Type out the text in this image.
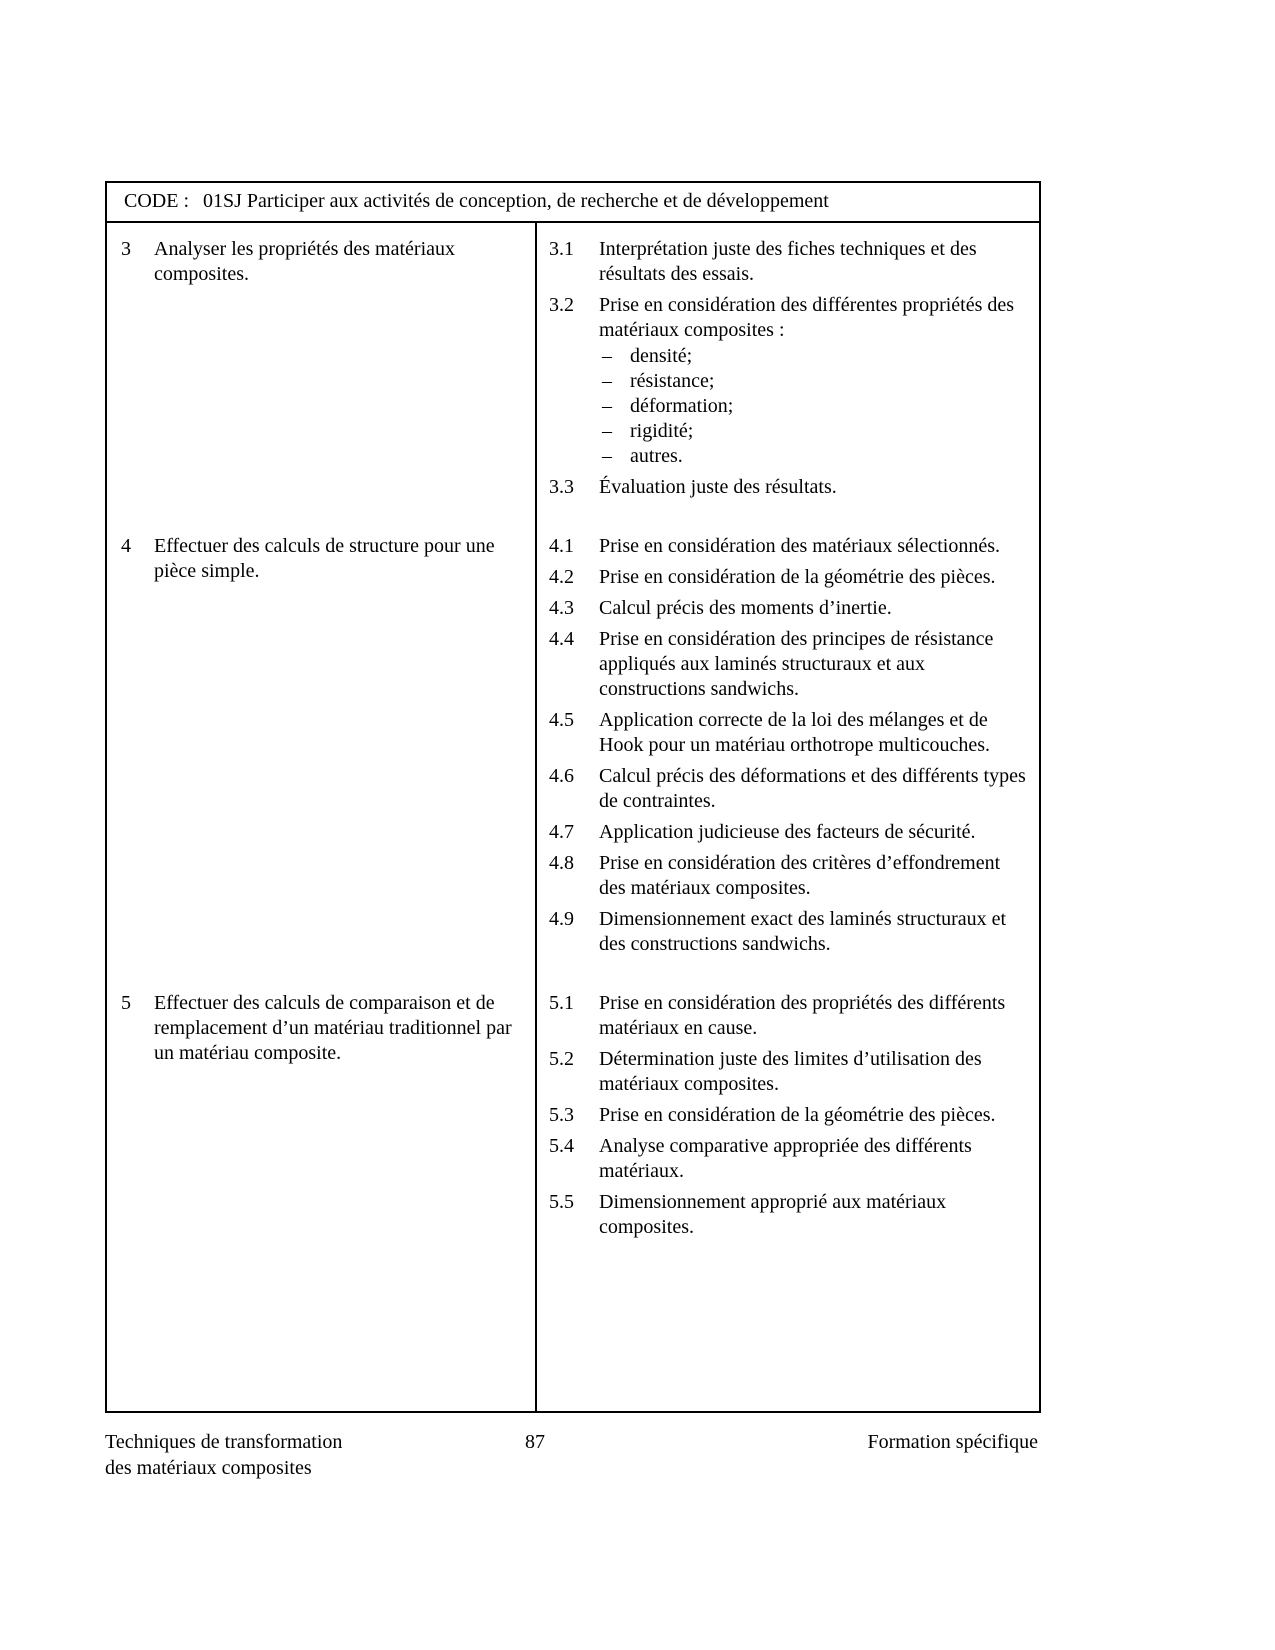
CODE : 01SJ Participer aux activités de conception, de recherche et de développement
3	Analyser les propriétés des matériaux composites.
3.1	Interprétation juste des fiches techniques et des résultats des essais.
3.2	Prise en considération des différentes propriétés des matériaux composites :
– densité;
– résistance;
– déformation;
– rigidité;
– autres.
3.3	Évaluation juste des résultats.
4	Effectuer des calculs de structure pour une pièce simple.
4.1	Prise en considération des matériaux sélectionnés.
4.2	Prise en considération de la géométrie des pièces.
4.3	Calcul précis des moments d’inertie.
4.4	Prise en considération des principes de résistance appliqués aux laminés structuraux et aux constructions sandwichs.
4.5	Application correcte de la loi des mélanges et de Hook pour un matériau orthotrope multicouches.
4.6	Calcul précis des déformations et des différents types de contraintes.
4.7	Application judicieuse des facteurs de sécurité.
4.8	Prise en considération des critères d’effondrement des matériaux composites.
4.9	Dimensionnement exact des laminés structuraux et des constructions sandwichs.
5	Effectuer des calculs de comparaison et de remplacement d’un matériau traditionnel par un matériau composite.
5.1	Prise en considération des propriétés des différents matériaux en cause.
5.2	Détermination juste des limites d’utilisation des matériaux composites.
5.3	Prise en considération de la géométrie des pièces.
5.4	Analyse comparative appropriée des différents matériaux.
5.5	Dimensionnement approprié aux matériaux composites.
Techniques de transformation
des matériaux composites
87	Formation spécifique
